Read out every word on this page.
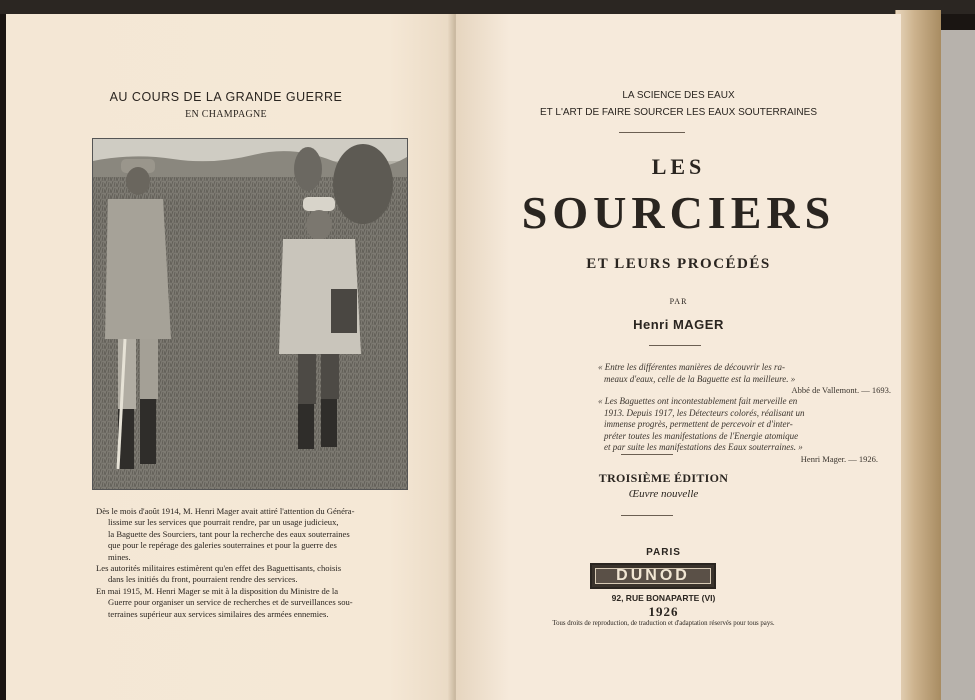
AU COURS DE LA GRANDE GUERRE
EN CHAMPAGNE
Dès le mois d'août 1914, M. Henri Mager avait attiré l'attention du Généra-
lissime sur les services que pourrait rendre, par un usage judicieux,
la Baguette des Sourciers, tant pour la recherche des eaux souterraines
que pour le repérage des galeries souterraines et pour la guerre des
mines.
Les autorités militaires estimèrent qu'en effet des Baguettisants, choisis
dans les initiés du front, pourraient rendre des services.
En mai 1915, M. Henri Mager se mit à la disposition du Ministre de la
Guerre pour organiser un service de recherches et de surveillances sou-
terraines supérieur aux services similaires des armées ennemies.
LA SCIENCE DES EAUX
ET L'ART DE FAIRE SOURCER LES EAUX SOUTERRAINES
LES
SOURCIERS
ET LEURS PROCÉDÉS
PAR
Henri MAGER
« Entre les différentes manières de découvrir les ra-
meaux d'eaux, celle de la Baguette est la meilleure. »
Abbé de Vallemont. — 1693.
« Les Baguettes ont incontestablement fait merveille en
1913. Depuis 1917, les Détecteurs colorés, réalisant un
immense progrès, permettent de percevoir et d'inter-
préter toutes les manifestations de l'Energie atomique
et par suite les manifestations des Eaux souterraines. »
Henri Mager. — 1926.
TROISIÈME ÉDITION
Œuvre nouvelle
PARIS
DUNOD
92, RUE BONAPARTE (VI)
1926
Tous droits de reproduction, de traduction et d'adaptation réservés pour tous pays.
